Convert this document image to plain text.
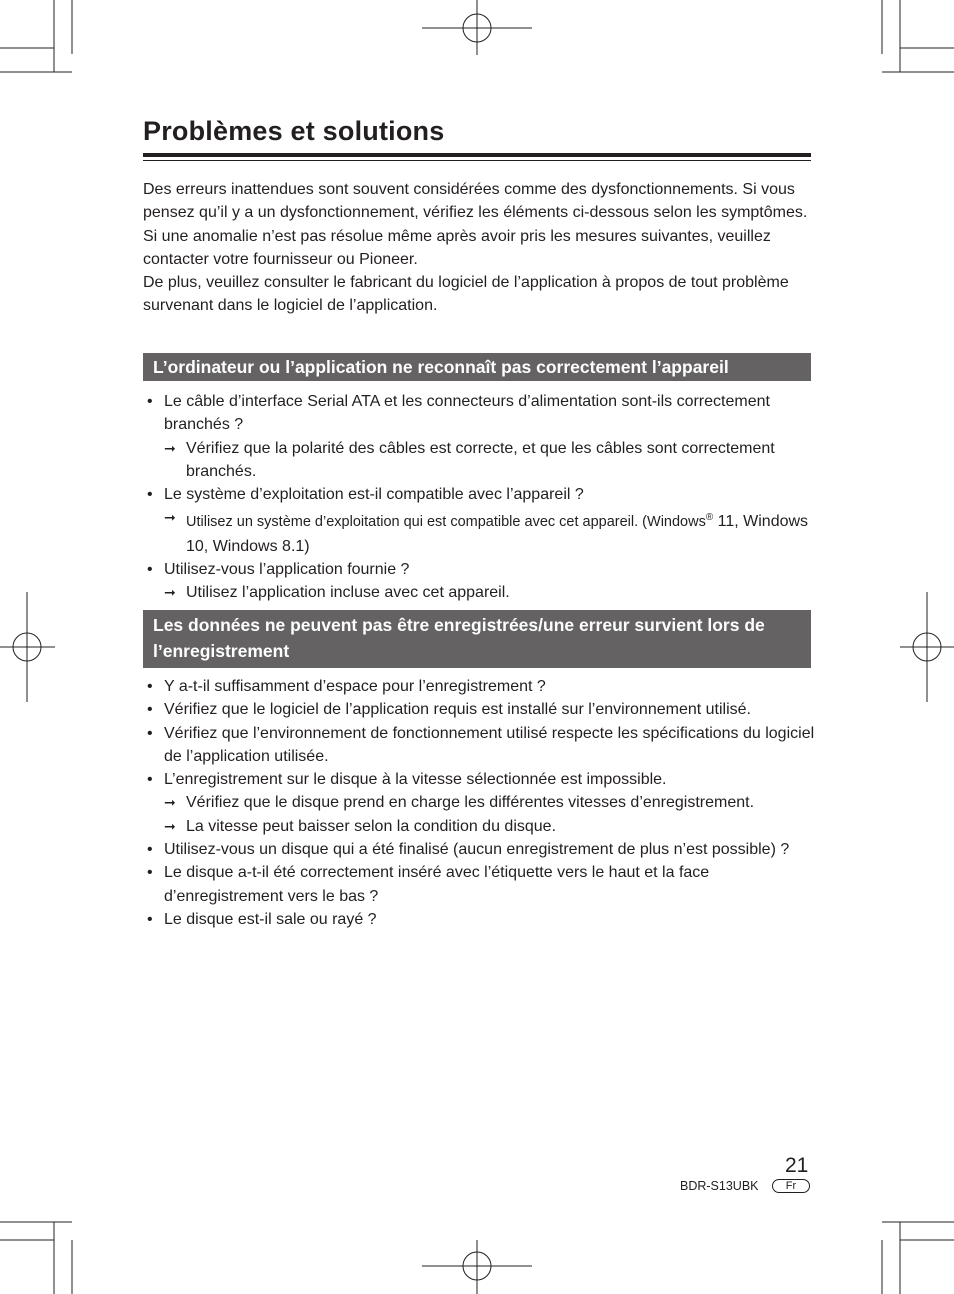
Problèmes et solutions

Des erreurs inattendues sont souvent considérées comme des dysfonctionnements. Si vous pensez qu’il y a un dysfonctionnement, vérifiez les éléments ci-dessous selon les symptômes.

Si une anomalie n’est pas résolue même après avoir pris les mesures suivantes, veuillez contacter votre fournisseur ou Pioneer.

De plus, veuillez consulter le fabricant du logiciel de l’application à propos de tout problème survenant dans le logiciel de l’application.

L’ordinateur ou l’application ne reconnaît pas correctement l’appareil
• Le câble d’interface Serial ATA et les connecteurs d’alimentation sont-ils correctement branchés ?
➞ Vérifiez que la polarité des câbles est correcte, et que les câbles sont correctement branchés.
• Le système d’exploitation est-il compatible avec l’appareil ?
➞ Utilisez un système d’exploitation qui est compatible avec cet appareil. (Windows® 11, Windows 10, Windows 8.1)
• Utilisez-vous l’application fournie ?
➞ Utilisez l’application incluse avec cet appareil.
Les données ne peuvent pas être enregistrées/une erreur survient lors de l’enregistrement
• Y a-t-il suffisamment d’espace pour l’enregistrement ?
• Vérifiez que le logiciel de l’application requis est installé sur l’environnement utilisé.
• Vérifiez que l’environnement de fonctionnement utilisé respecte les spécifications du logiciel de l’application utilisée.
• L’enregistrement sur le disque à la vitesse sélectionnée est impossible.
➞ Vérifiez que le disque prend en charge les différentes vitesses d’enregistrement.
➞ La vitesse peut baisser selon la condition du disque.
• Utilisez-vous un disque qui a été finalisé (aucun enregistrement de plus n’est possible) ?
• Le disque a-t-il été correctement inséré avec l’étiquette vers le haut et la face d’enregistrement vers le bas ?
• Le disque est-il sale ou rayé ?
21
BDR-S13UBK	Fr
